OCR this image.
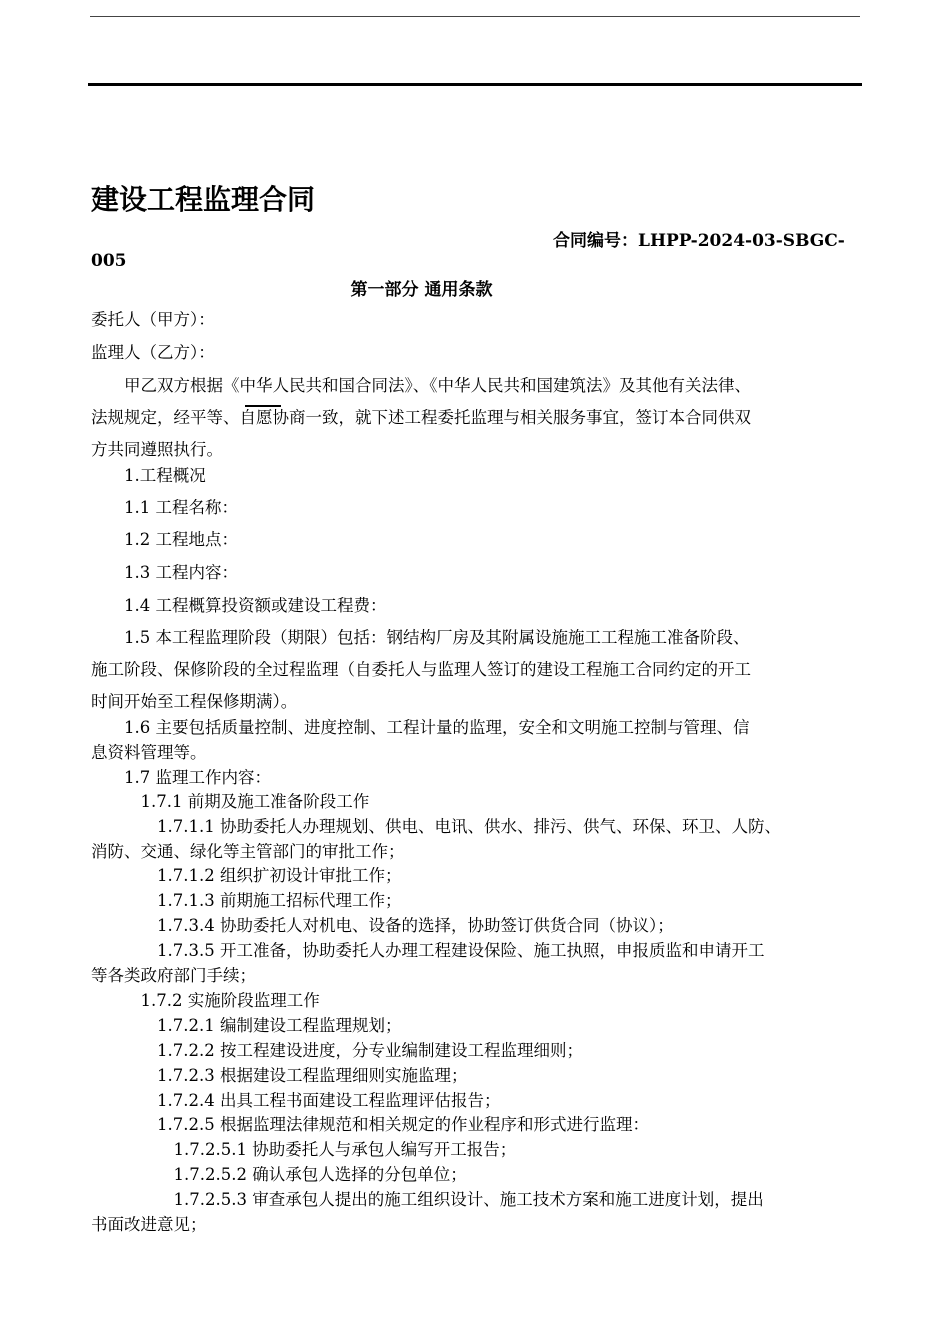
建设工程监理合同
合同编号：LHPP-2024-03-SBGC-
005
第一部分 通用条款
委托人（甲方）：
监理人（乙方）：
　　甲乙双方根据《中华人民共和国合同法》、《中华人民共和国建筑法》及其他有关法律、
法规规定，经平等、自愿协商一致，就下述工程委托监理与相关服务事宜，签订本合同供双
方共同遵照执行。
　　1.工程概况
　　1.1 工程名称：
　　1.2 工程地点：
　　1.3 工程内容：
　　1.4 工程概算投资额或建设工程费：
　　1.5 本工程监理阶段（期限）包括：钢结构厂房及其附属设施施工工程施工准备阶段、
施工阶段、保修阶段的全过程监理（自委托人与监理人签订的建设工程施工合同约定的开工
时间开始至工程保修期满）。
　　1.6 主要包括质量控制、进度控制、工程计量的监理，安全和文明施工控制与管理、信
息资料管理等。
　　1.7 监理工作内容：
　　　1.7.1 前期及施工准备阶段工作
　　　　1.7.1.1 协助委托人办理规划、供电、电讯、供水、排污、供气、环保、环卫、人防、
消防、交通、绿化等主管部门的审批工作；
　　　　1.7.1.2 组织扩初设计审批工作；
　　　　1.7.1.3 前期施工招标代理工作；
　　　　1.7.3.4 协助委托人对机电、设备的选择，协助签订供货合同（协议）；
　　　　1.7.3.5 开工准备，协助委托人办理工程建设保险、施工执照，申报质监和申请开工
等各类政府部门手续；
　　　1.7.2 实施阶段监理工作
　　　　1.7.2.1 编制建设工程监理规划；
　　　　1.7.2.2 按工程建设进度，分专业编制建设工程监理细则；
　　　　1.7.2.3 根据建设工程监理细则实施监理；
　　　　1.7.2.4 出具工程书面建设工程监理评估报告；
　　　　1.7.2.5 根据监理法律规范和相关规定的作业程序和形式进行监理：
　　　　　1.7.2.5.1 协助委托人与承包人编写开工报告；
　　　　　1.7.2.5.2 确认承包人选择的分包单位；
　　　　　1.7.2.5.3 审查承包人提出的施工组织设计、施工技术方案和施工进度计划，提出
书面改进意见；
